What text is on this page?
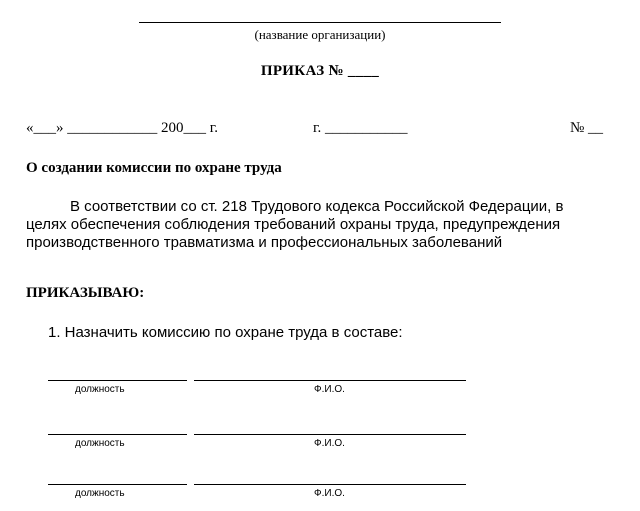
(название организации)
ПРИКАЗ № ____
«___» ____________ 200___ г.	г. ___________	№ __
О создании комиссии по охране труда
В соответствии со ст. 218 Трудового кодекса Российской Федерации, в
целях обеспечения соблюдения требований охраны труда, предупреждения
производственного травматизма и профессиональных заболеваний
ПРИКАЗЫВАЮ:
1. Назначить комиссию по охране труда в составе:
должность	Ф.И.О.
должность	Ф.И.О.
должность	Ф.И.О.
